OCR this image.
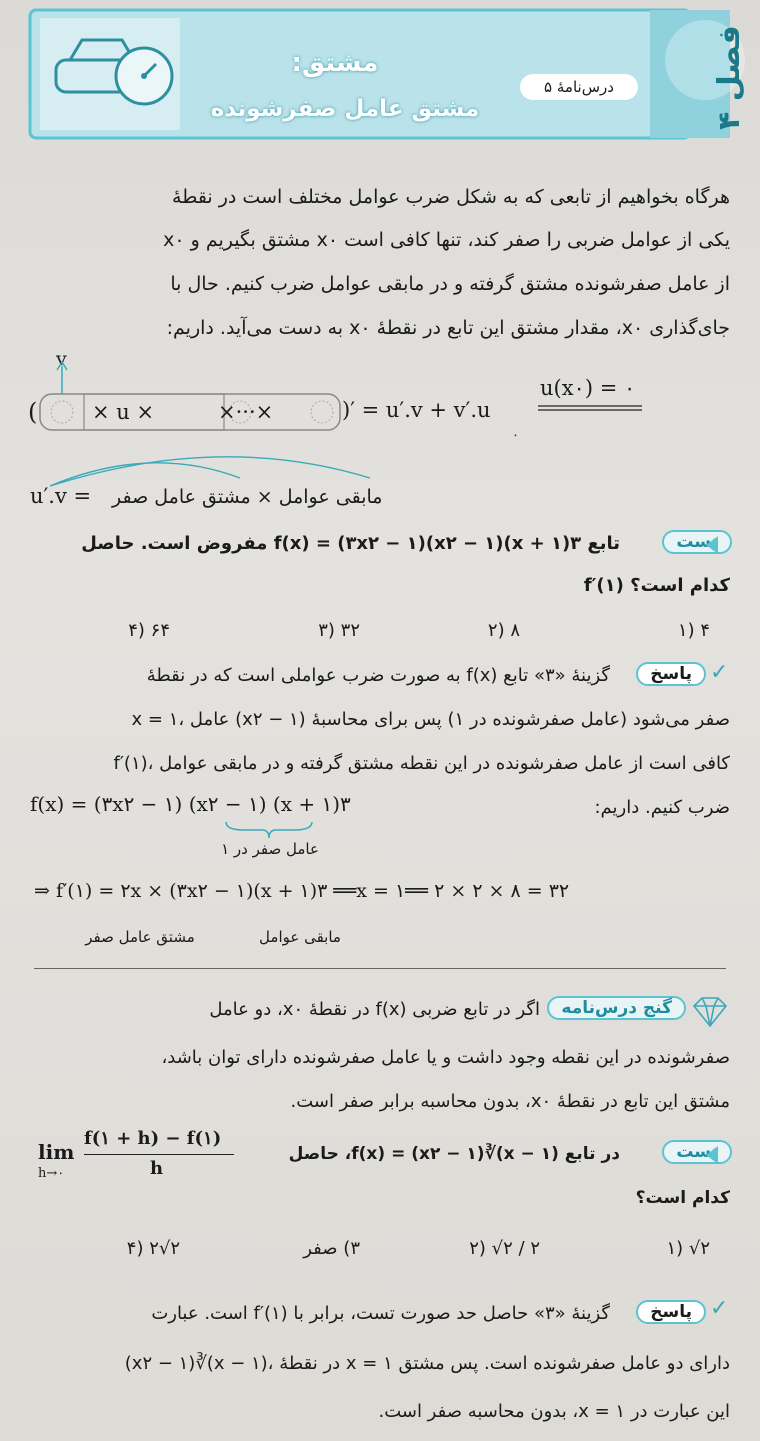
فصل ۴
درس‌نامهٔ ۵
مشتق:
مشتق عامل صفرشونده
هرگاه بخواهیم از تابعی که به شکل ضرب عوامل مختلف است در نقطهٔ
x۰ مشتق بگیریم و x۰ یکی از عوامل ضربی را صفر کند، تنها کافی است
از عامل صفرشونده مشتق گرفته و در مابقی عوامل ضرب کنیم. حال با
جای‌گذاری x۰، مقدار مشتق این تابع در نقطهٔ x۰ به دست می‌آید. داریم:
v
(	× u ×	×···×	)′ = u′.v + v′.u
۰
u(x۰) = ۰
u′.v = مابقی عوامل × مشتق عامل صفر
تست
تابع f(x) = (۳x۲ − ۱)(x۲ − ۱)(x + ۱)۳ مفروض است. حاصل
f′(۱) کدام است؟
۱) ۴
۲) ۸
۳) ۳۲
۴) ۶۴
✓
پاسخ
گزینهٔ «۳» تابع f(x) به صورت ضرب عواملی است که در نقطهٔ
x = ۱، عامل (x۲ − ۱) صفر می‌شود (عامل صفرشونده در ۱) پس برای محاسبهٔ
f′(۱)، کافی است از عامل صفرشونده در این نقطه مشتق گرفته و در مابقی عوامل
ضرب کنیم. داریم:
f(x) = (۳x۲ − ۱) (x۲ − ۱) (x + ۱)۳
عامل صفر در ۱
⇒ f′(۱) = ۲x × (۳x۲ − ۱)(x + ۱)۳ ══x = ۱══ ۲ × ۲ × ۸ = ۳۲
مشتق عامل صفر	مابقی عوامل
گنج درس‌نامه
اگر در تابع ضربی f(x) در نقطهٔ x۰، دو عامل
صفرشونده در این نقطه وجود داشت و یا عامل صفرشونده دارای توان باشد،
مشتق این تابع در نقطهٔ x۰، بدون محاسبه برابر صفر است.
lim
h→۰
f(۱ + h) − f(۱)
h
تست
در تابع f(x) = (x۲ − ۱)∛(x − ۱)، حاصل
کدام است؟
۱) √۲
۲) √۲ / ۲
۳) صفر
۴) ۲√۲
✓
پاسخ
گزینهٔ «۳» حاصل حد صورت تست، برابر با f′(۱) است. عبارت
(x۲ − ۱)∛(x − ۱)، در نقطهٔ x = ۱ دارای دو عامل صفرشونده است. پس مشتق
این عبارت در x = ۱، بدون محاسبه صفر است.
